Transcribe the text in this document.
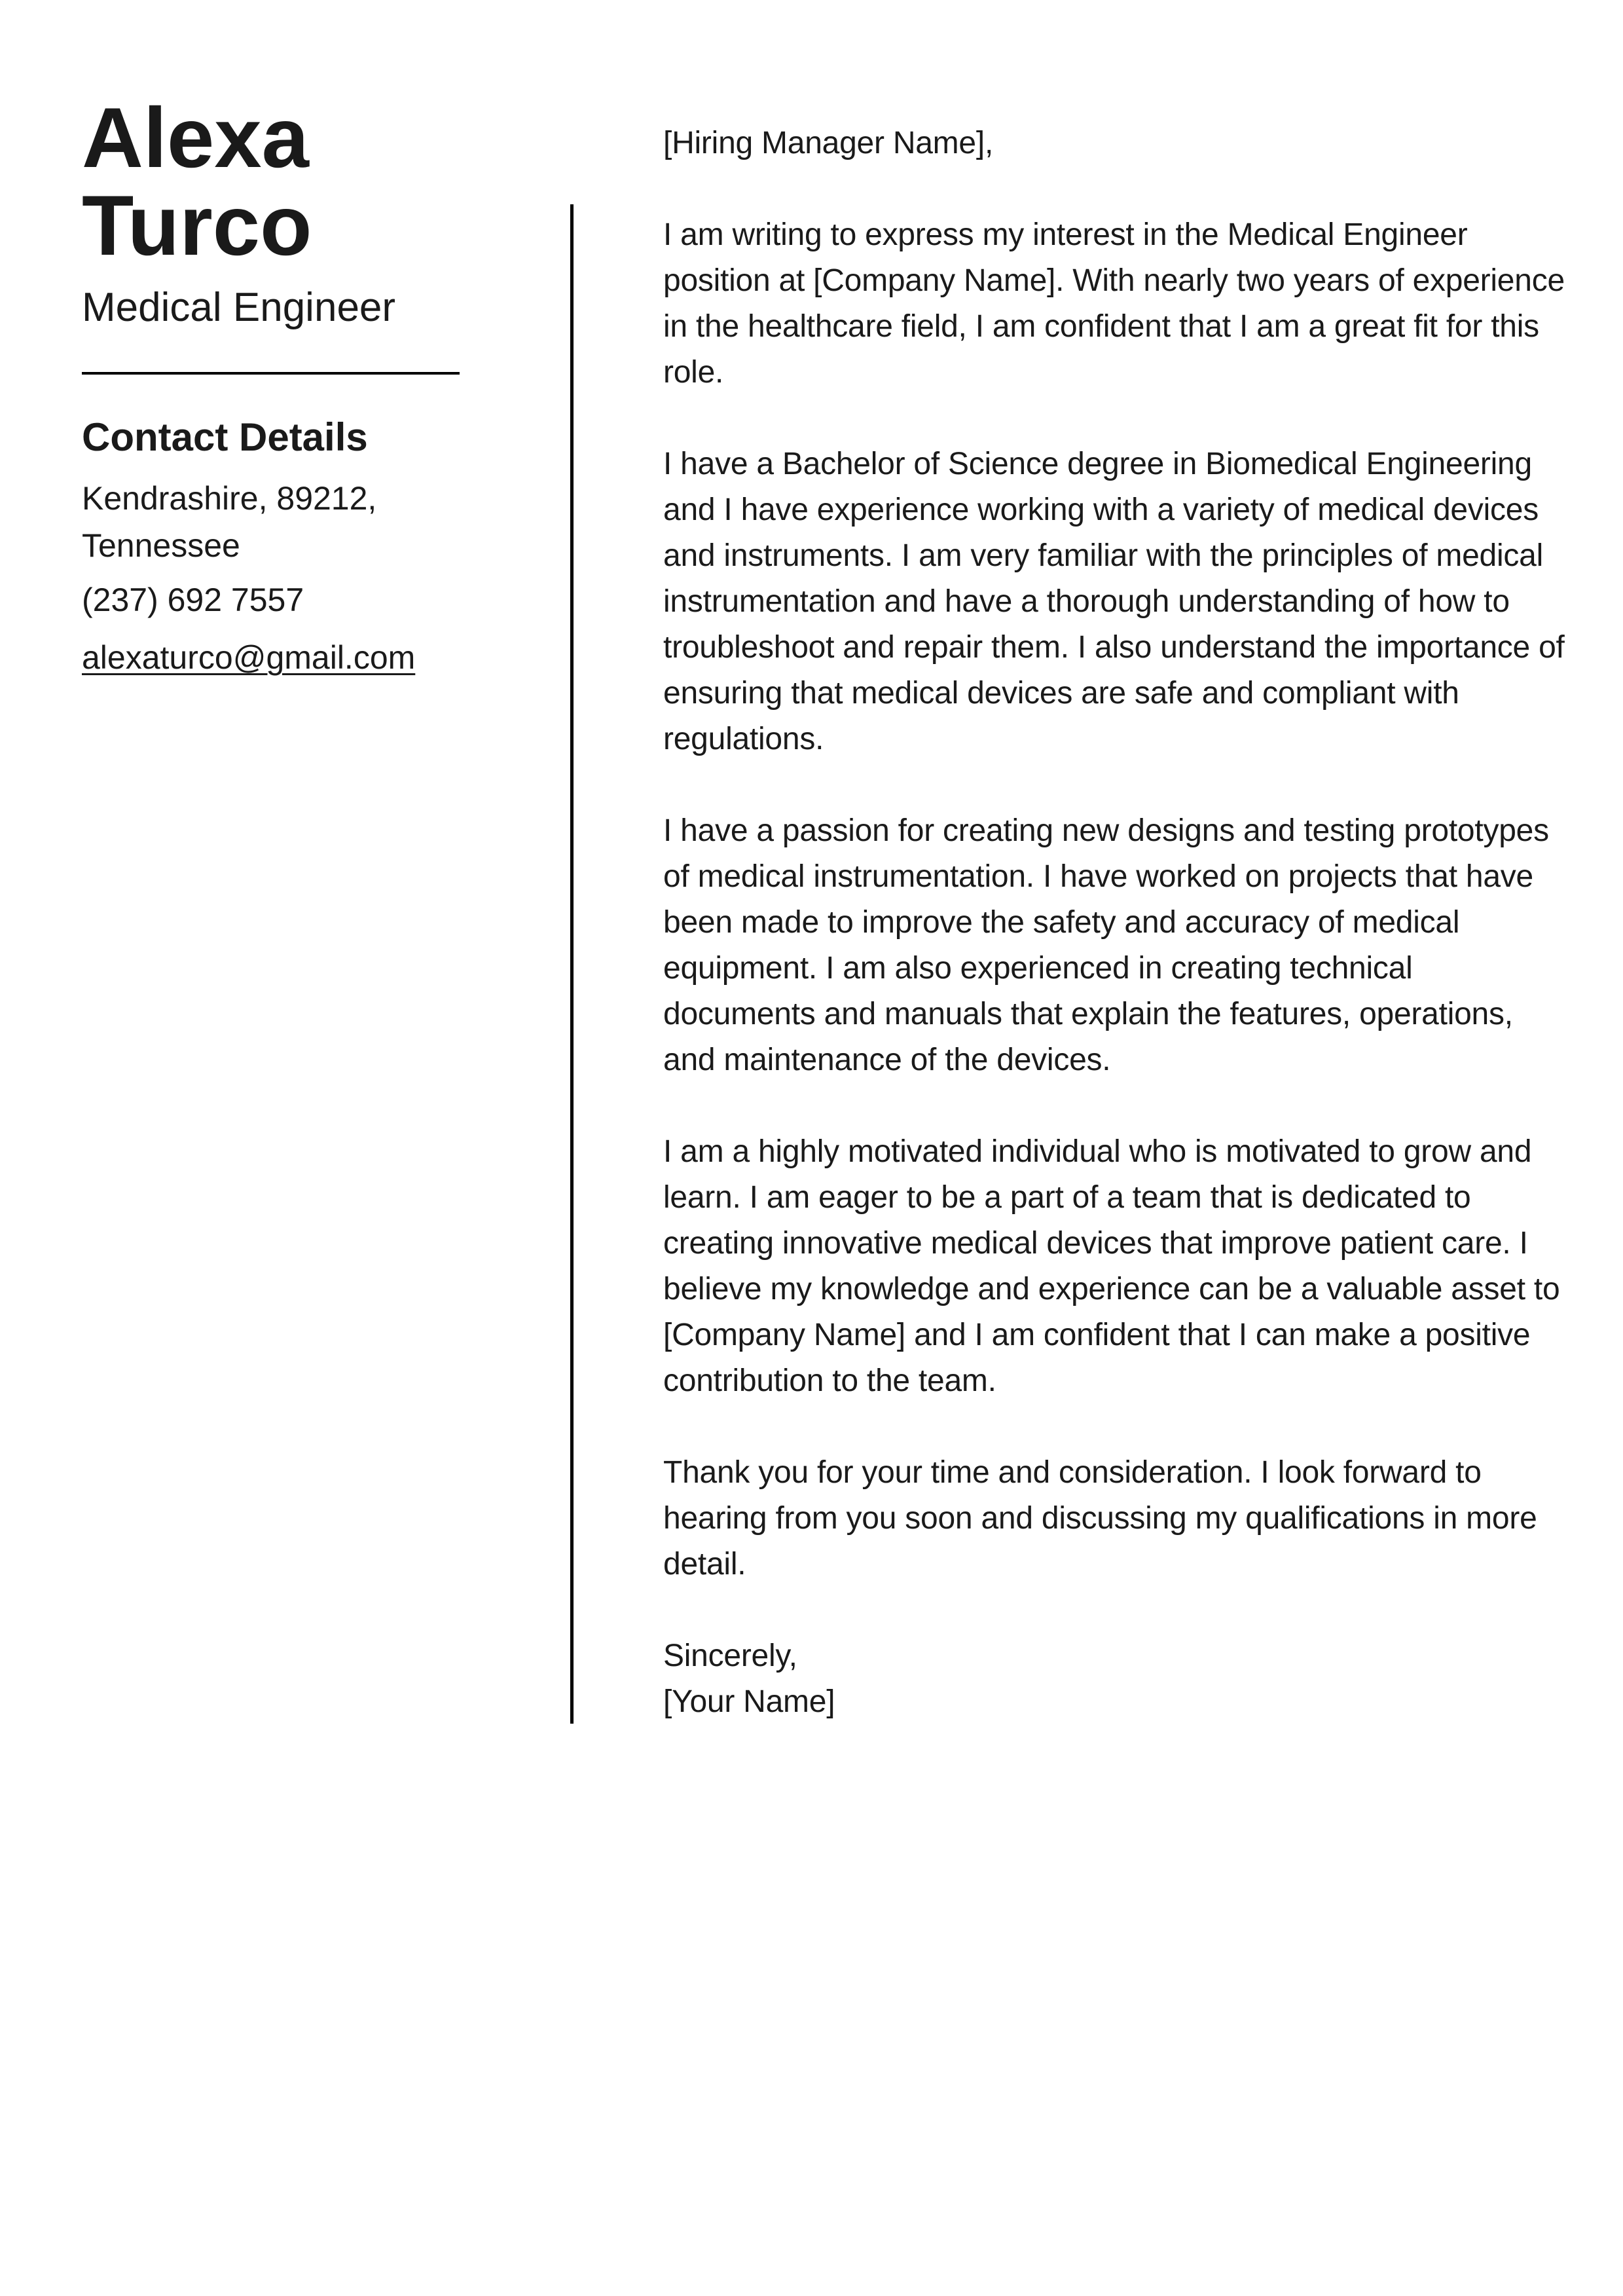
Alexa
Turco
Medical Engineer
Contact Details
Kendrashire, 89212,
Tennessee
(237) 692 7557
alexaturco@gmail.com

[Hiring Manager Name],

I am writing to express my interest in the Medical Engineer position at [Company Name]. With nearly two years of experience in the healthcare field, I am confident that I am a great fit for this role.

I have a Bachelor of Science degree in Biomedical Engineering and I have experience working with a variety of medical devices and instruments. I am very familiar with the principles of medical instrumentation and have a thorough understanding of how to troubleshoot and repair them. I also understand the importance of ensuring that medical devices are safe and compliant with regulations.

I have a passion for creating new designs and testing prototypes of medical instrumentation. I have worked on projects that have been made to improve the safety and accuracy of medical equipment. I am also experienced in creating technical documents and manuals that explain the features, operations, and maintenance of the devices.

I am a highly motivated individual who is motivated to grow and learn. I am eager to be a part of a team that is dedicated to creating innovative medical devices that improve patient care. I believe my knowledge and experience can be a valuable asset to [Company Name] and I am confident that I can make a positive contribution to the team.

Thank you for your time and consideration. I look forward to hearing from you soon and discussing my qualifications in more detail.

Sincerely,
[Your Name]
